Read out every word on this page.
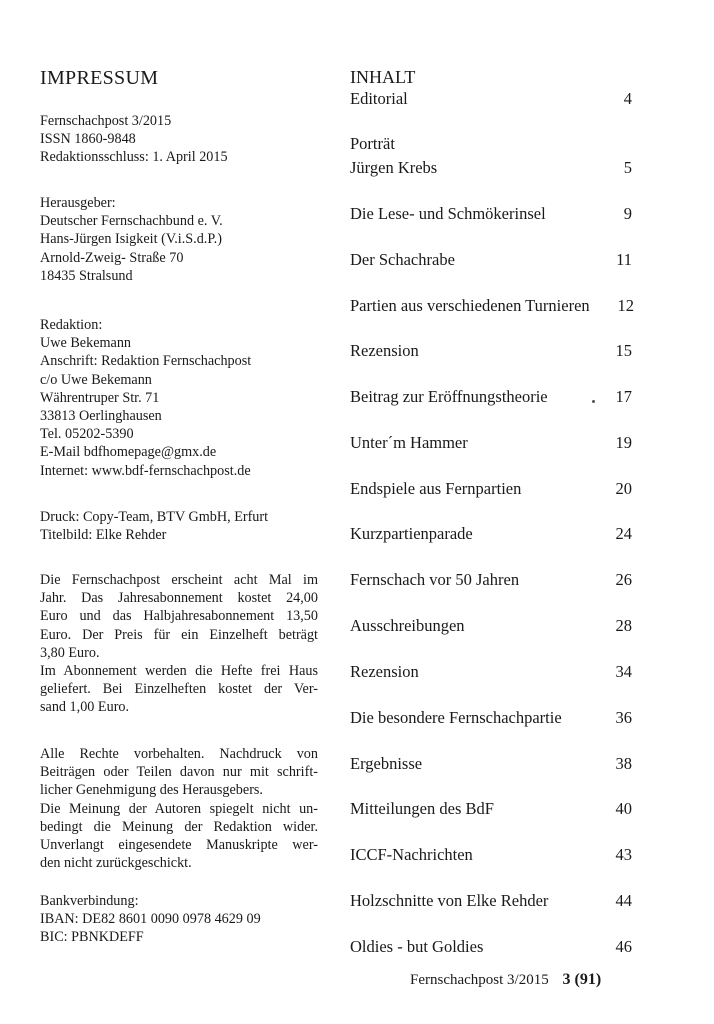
IMPRESSUM
Fernschachpost 3/2015
ISSN 1860-9848
Redaktionsschluss: 1. April 2015
Herausgeber:
Deutscher Fernschachbund e. V.
Hans-Jürgen Isigkeit (V.i.S.d.P.)
Arnold-Zweig- Straße 70
18435 Stralsund
Redaktion:
Uwe Bekemann
Anschrift: Redaktion Fernschachpost
c/o Uwe Bekemann
Währentruper Str. 71
33813 Oerlinghausen
Tel. 05202-5390
E-Mail bdfhomepage@gmx.de
Internet: www.bdf-fernschachpost.de
Druck: Copy-Team, BTV GmbH, Erfurt
Titelbild: Elke Rehder
Die Fernschachpost erscheint acht Mal im
Jahr. Das Jahresabonnement kostet 24,00
Euro und das Halbjahresabonnement 13,50
Euro. Der Preis für ein Einzelheft beträgt
3,80 Euro.
Im Abonnement werden die Hefte frei Haus
geliefert. Bei Einzelheften kostet der Ver-
sand 1,00 Euro.
Alle Rechte vorbehalten. Nachdruck von
Beiträgen oder Teilen davon nur mit schrift-
licher Genehmigung des Herausgebers.
Die Meinung der Autoren spiegelt nicht un-
bedingt die Meinung der Redaktion wider.
Unverlangt eingesendete Manuskripte wer-
den nicht zurückgeschickt.
Bankverbindung:
IBAN: DE82 8601 0090 0978 4629 09
BIC: PBNKDEFF
INHALT
Editorial	4
Porträt
Jürgen Krebs	5
Die Lese- und Schmökerinsel	9
Der Schachrabe	11
Partien aus verschiedenen Turnieren 12
Rezension	15
Beitrag zur Eröffnungstheorie	17
Unter´m Hammer	19
Endspiele aus Fernpartien	20
Kurzpartienparade	24
Fernschach vor 50 Jahren	26
Ausschreibungen	28
Rezension	34
Die besondere Fernschachpartie	36
Ergebnisse	38
Mitteilungen des BdF	40
ICCF-Nachrichten	43
Holzschnitte von Elke Rehder	44
Oldies - but Goldies	46
Fernschachpost 3/2015 3 (91)
